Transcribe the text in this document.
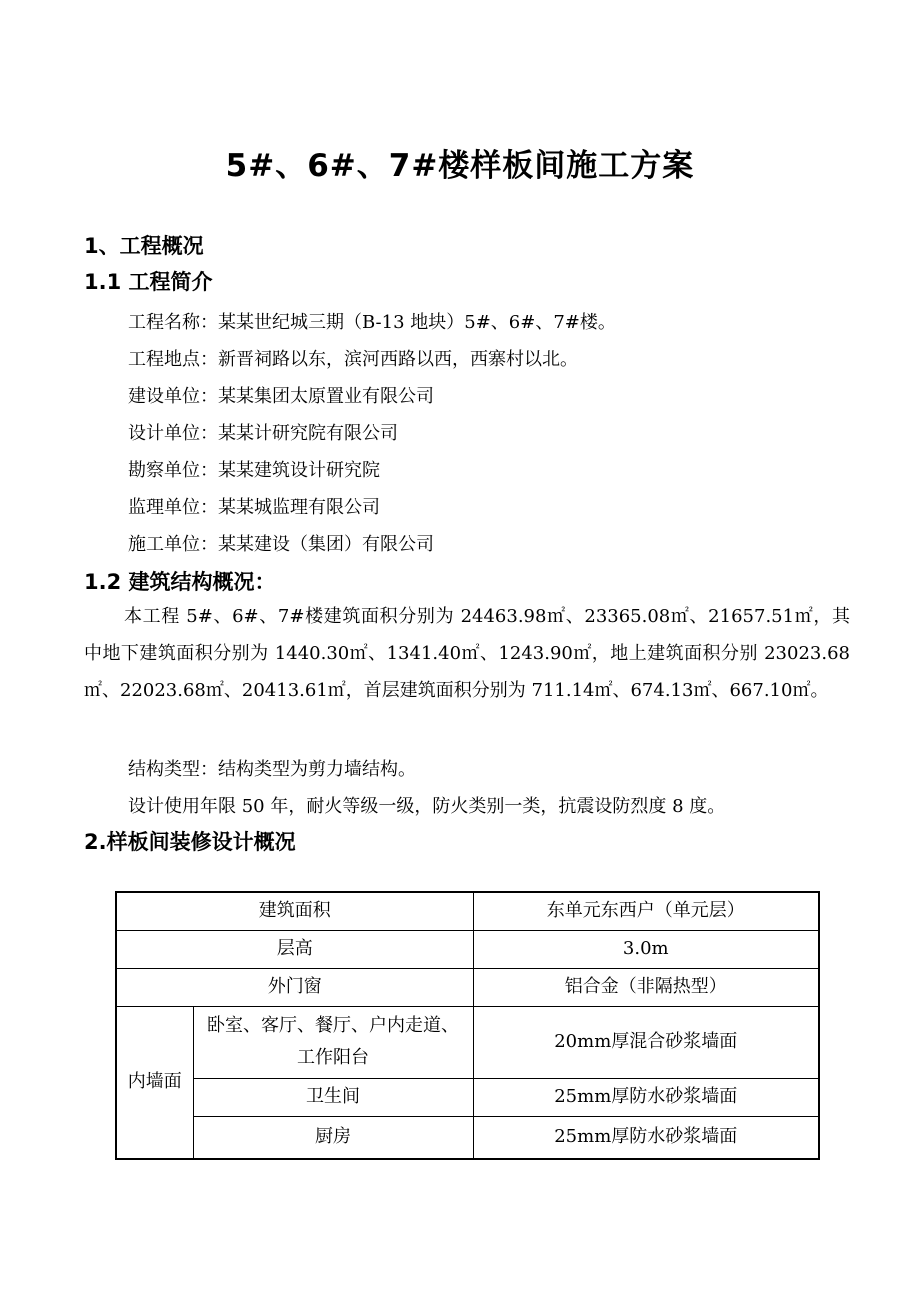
5#、6#、7#楼样板间施工方案
1、工程概况
1.1 工程简介
工程名称：某某世纪城三期（B-13 地块）5#、6#、7#楼。
工程地点：新晋祠路以东，滨河西路以西，西寨村以北。
建设单位：某某集团太原置业有限公司
设计单位：某某计研究院有限公司
勘察单位：某某建筑设计研究院
监理单位：某某城监理有限公司
施工单位：某某建设（集团）有限公司
1.2 建筑结构概况：
本工程 5#、6#、7#楼建筑面积分别为 24463.98㎡、23365.08㎡、21657.51㎡，其中地下建筑面积分别为 1440.30㎡、1341.40㎡、1243.90㎡，地上建筑面积分别 23023.68㎡、22023.68㎡、20413.61㎡，首层建筑面积分别为 711.14㎡、674.13㎡、667.10㎡。
结构类型：结构类型为剪力墙结构。
设计使用年限 50 年，耐火等级一级，防火类别一类，抗震设防烈度 8 度。
2.样板间装修设计概况
建筑面积		东单元东西户（单元层）
层高		3.0m
外门窗		铝合金（非隔热型）
内墙面	卧室、客厅、餐厅、户内走道、工作阳台	20mm厚混合砂浆墙面
	卫生间	25mm厚防水砂浆墙面
	厨房	25mm厚防水砂浆墙面
